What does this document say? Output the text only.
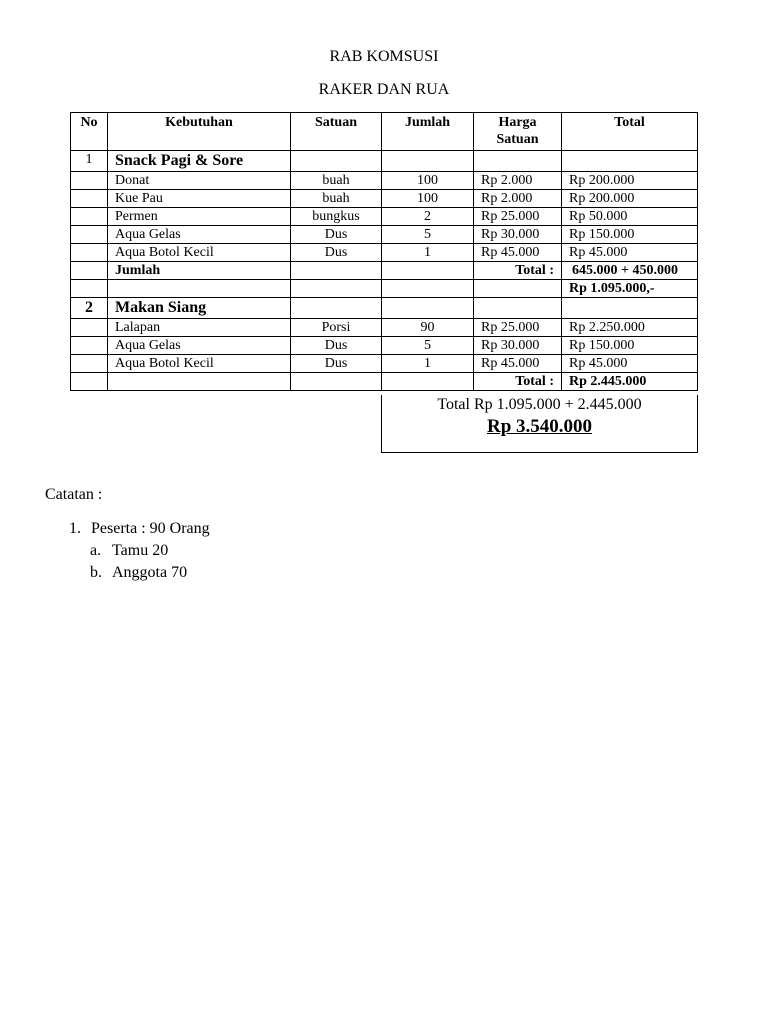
RAB KOMSUSI
RAKER DAN RUA
No	Kebutuhan	Satuan	Jumlah	Harga Satuan	Total
1	Snack Pagi & Sore				
	Donat	buah	100	Rp 2.000	Rp 200.000
	Kue Pau	buah	100	Rp 2.000	Rp 200.000
	Permen	bungkus	2	Rp 25.000	Rp 50.000
	Aqua Gelas	Dus	5	Rp 30.000	Rp 150.000
	Aqua Botol Kecil	Dus	1	Rp 45.000	Rp 45.000
	Jumlah			Total :	645.000 + 450.000
					Rp 1.095.000,-
2	Makan Siang				
	Lalapan	Porsi	90	Rp 25.000	Rp 2.250.000
	Aqua Gelas	Dus	5	Rp 30.000	Rp 150.000
	Aqua Botol Kecil	Dus	1	Rp 45.000	Rp 45.000
				Total :	Rp 2.445.000
Total Rp 1.095.000 + 2.445.000
Rp 3.540.000
Catatan :
1. Peserta : 90 Orang
a. Tamu 20
b. Anggota 70
